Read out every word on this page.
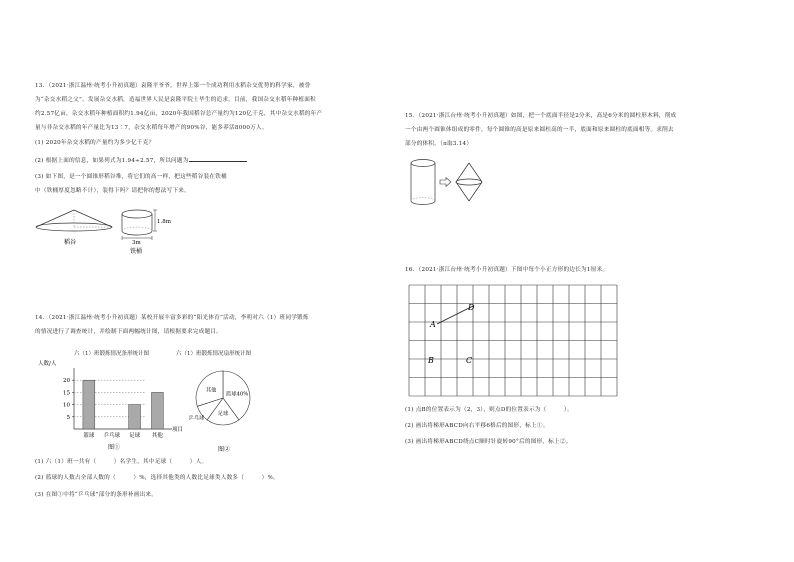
13．（2021·浙江温州·统考小升初真题）袁隆平爷爷，世界上第一个成功利用水稻杂交优势的科学家，被誉
为“杂交水稻之父”，发展杂交水稻，造福世界人民是袁隆平院士毕生的追求。目前，我国杂交水稻年种植面积
约2.57亿亩，杂交水稻年种植面积约1.94亿亩，2020年我国稻谷总产量约为120亿千克，其中杂交水稻的年产
量与非杂交水稻的年产量比为13∶7，杂交水稻每年增产的90%谷，能多养活8000万人。
(1) 2020年杂交水稻的产量约为多少亿千克？
(2) 根据上面的信息，如果列式为1.94÷2.57，所以问题为
(3) 如下图，是一个圆锥形稻谷堆，将它们的高一样，把这些稻谷装在铁桶
中（铁桶厚度忽略不计），装得下吗？请把你的想法写下来。
稻谷
1.8m
3m
铁桶
14．（2021·浙江温州·统考小升初真题）某校开展丰富多彩的“阳光体育”活动，李明对六（1）班同学锻炼
的情况进行了调查统计，并绘制下面两幅统计图，请根据要求完成题目。
六（1）班锻炼情况条形统计图	六（1）班锻炼情况扇形统计图
人数/人
项目
图①
5
10
15
20
篮球 乒乓球 足球 其他
图②
篮球40%
足球
乒乓球
其他
(1) 六（1）班一共有（　　　）名学生，其中足球（　　　）人。
(2) 篮球的人数占全部人数的（　　　）%，选择其他类的人数比足球类人数多（　　　）%。
(3) 在图①中将“乒乓球”部分的条形补画出来。
15．（2021·浙江台州·统考小升初真题）如图，把一个底面半径是2分米，高是6分米的圆柱形木料，削成
一个由两个圆锥体组成的零件，每个圆锥的高是原来圆柱高的一半，底面和原来圆柱的底面相等。求削去
部分的体积。（π取3.14）
16．（2021·浙江台州·统考小升初真题）下图中每个小正方形的边长为1厘米。
A
D
B	C
(1) 点B的位置表示为（2，3），则点D的位置表示为（　　　）。
(2) 画出将梯形ABCD向右平移6格后的图形，标上①。
(3) 画出将梯形ABCD绕点C顺时针旋转90°后的图形，标上②。
